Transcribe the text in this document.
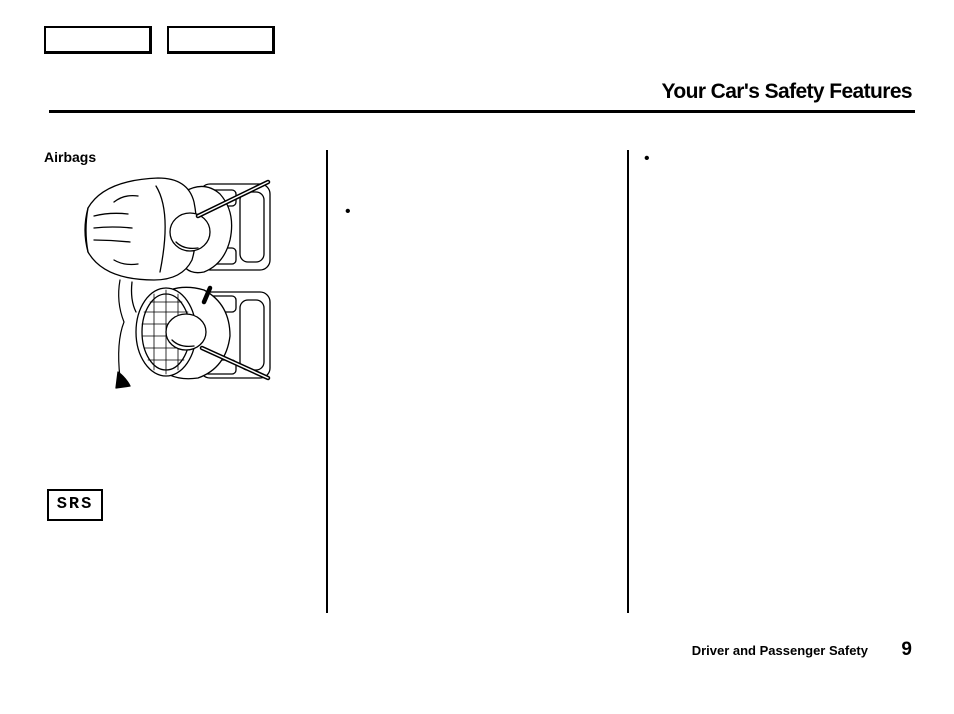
Your Car's Safety Features
Airbags
SRS
•
•
Driver and Passenger Safety 9
